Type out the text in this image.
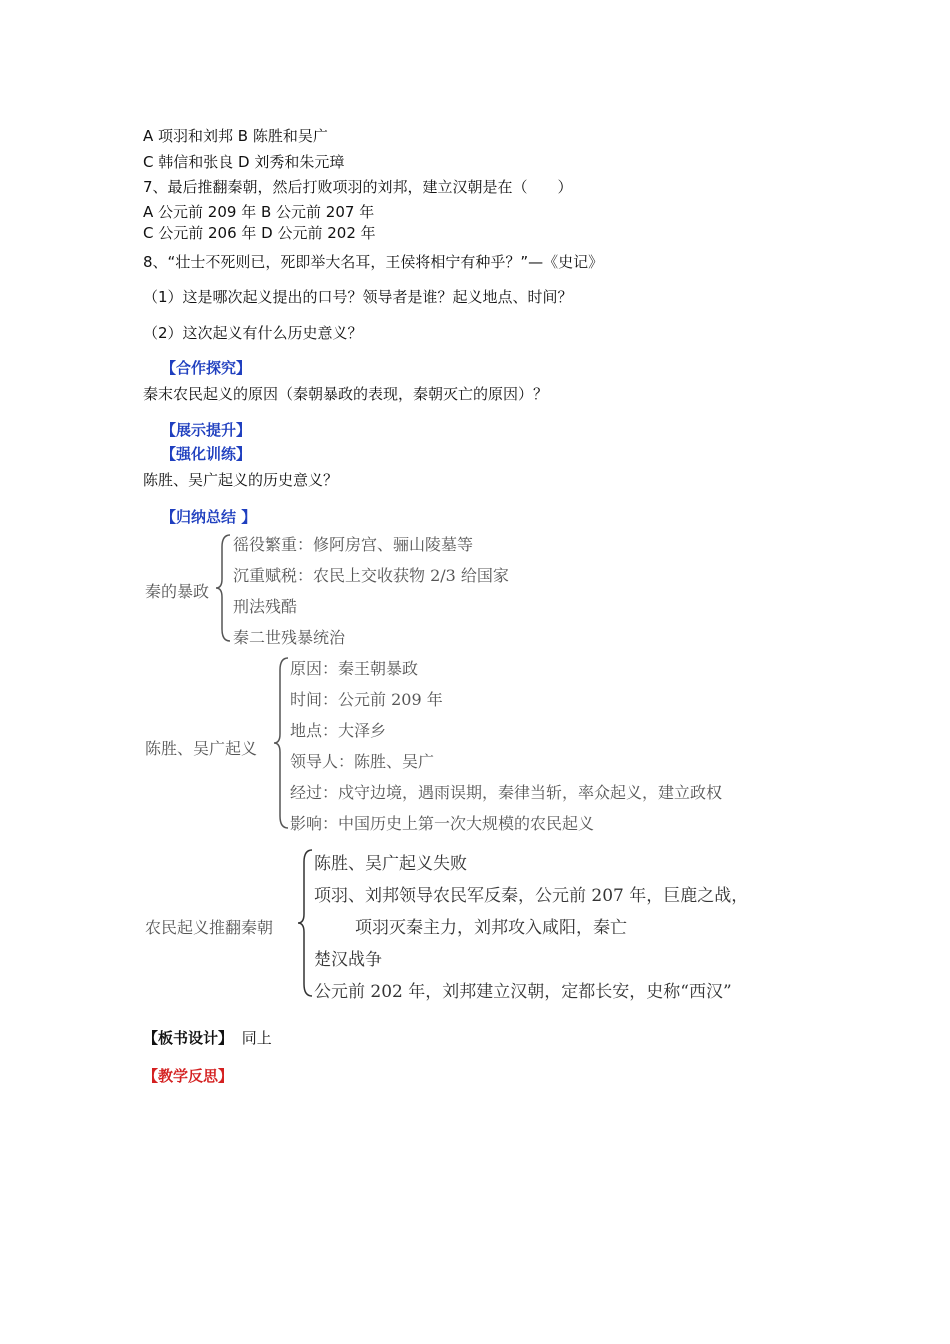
A 项羽和刘邦 B 陈胜和吴广
C 韩信和张良 D 刘秀和朱元璋
7、最后推翻秦朝，然后打败项羽的刘邦，建立汉朝是在（　　）
A 公元前 209 年 B 公元前 207 年
C 公元前 206 年 D 公元前 202 年
8、“壮士不死则已，死即举大名耳，王侯将相宁有种乎？”—《史记》
（1）这是哪次起义提出的口号？领导者是谁？起义地点、时间？
（2）这次起义有什么历史意义？
【合作探究】
秦末农民起义的原因（秦朝暴政的表现，秦朝灭亡的原因）？
【展示提升】
【强化训练】
陈胜、吴广起义的历史意义？
【归纳总结 】
秦的暴政
徭役繁重：修阿房宫、骊山陵墓等
沉重赋税：农民上交收获物 2/3 给国家
刑法残酷
秦二世残暴统治
陈胜、吴广起义
原因：秦王朝暴政
时间：公元前 209 年
地点：大泽乡
领导人：陈胜、吴广
经过：戍守边境，遇雨误期，秦律当斩，率众起义，建立政权
影响：中国历史上第一次大规模的农民起义
农民起义推翻秦朝
陈胜、吴广起义失败
项羽、刘邦领导农民军反秦，公元前 207 年，巨鹿之战，
项羽灭秦主力，刘邦攻入咸阳，秦亡
楚汉战争
公元前 202 年，刘邦建立汉朝，定都长安，史称“西汉”
【板书设计】 同上
【教学反思】
